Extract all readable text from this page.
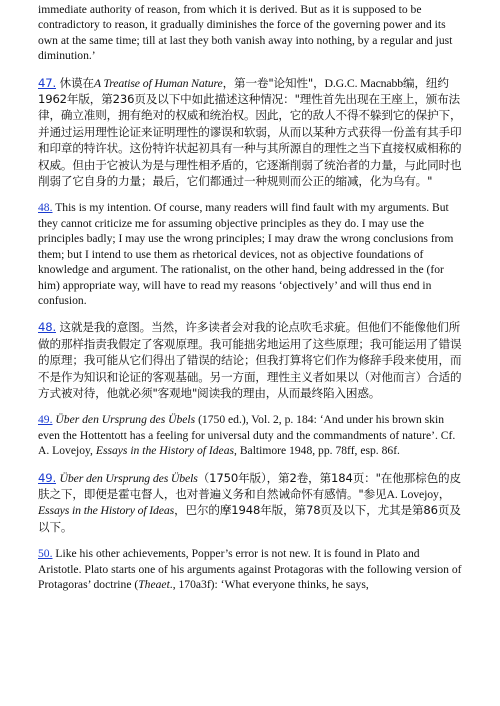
immediate authority of reason, from which it is derived. But as it is supposed to be contradictory to reason, it gradually diminishes the force of the governing power and its own at the same time; till at last they both vanish away into nothing, by a regular and just diminution.’

47. 休谟在A Treatise of Human Nature，第一卷"论知性"，D.G.C. Macnabb编，纽约1962年版，第236页及以下中如此描述这种情况："理性首先出现在王座上，颁布法律，确立准则，拥有绝对的权威和统治权。因此，它的敌人不得不躲到它的保护下，并通过运用理性论证来证明理性的谬误和软弱，从而以某种方式获得一份盖有其手印和印章的特许状。这份特许状起初具有一种与其所源自的理性之当下直接权威相称的权威。但由于它被认为是与理性相矛盾的，它逐渐削弱了统治者的力量，与此同时也削弱了它自身的力量；最后，它们都通过一种规则而公正的缩减，化为乌有。"

48. This is my intention. Of course, many readers will find fault with my arguments. But they cannot criticize me for assuming objective principles as they do. I may use the principles badly; I may use the wrong principles; I may draw the wrong conclusions from them; but I intend to use them as rhetorical devices, not as objective foundations of knowledge and argument. The rationalist, on the other hand, being addressed in the (for him) appropriate way, will have to read my reasons ‘objectively’ and will thus end in confusion.

48. 这就是我的意图。当然，许多读者会对我的论点吹毛求疵。但他们不能像他们所做的那样指责我假定了客观原理。我可能拙劣地运用了这些原理；我可能运用了错误的原理；我可能从它们得出了错误的结论；但我打算将它们作为修辞手段来使用，而不是作为知识和论证的客观基础。另一方面，理性主义者如果以（对他而言）合适的方式被对待，他就必须"客观地"阅读我的理由，从而最终陷入困惑。

49. Über den Ursprung des Übels (1750 ed.), Vol. 2, p. 184: ‘And under his brown skin even the Hottentott has a feeling for universal duty and the commandments of nature’. Cf. A. Lovejoy, Essays in the History of Ideas, Baltimore 1948, pp. 78ff, esp. 86f.

49. Über den Ursprung des Übels（1750年版），第2卷，第184页："在他那棕色的皮肤之下，即便是霍屯督人，也对普遍义务和自然诫命怀有感情。"参见A. Lovejoy，Essays in the History of Ideas，巴尔的摩1948年版，第78页及以下，尤其是第86页及以下。

50. Like his other achievements, Popper’s error is not new. It is found in Plato and Aristotle. Plato starts one of his arguments against Protagoras with the following version of Protagoras’ doctrine (Theaet., 170a3f): ‘What everyone thinks, he says,
